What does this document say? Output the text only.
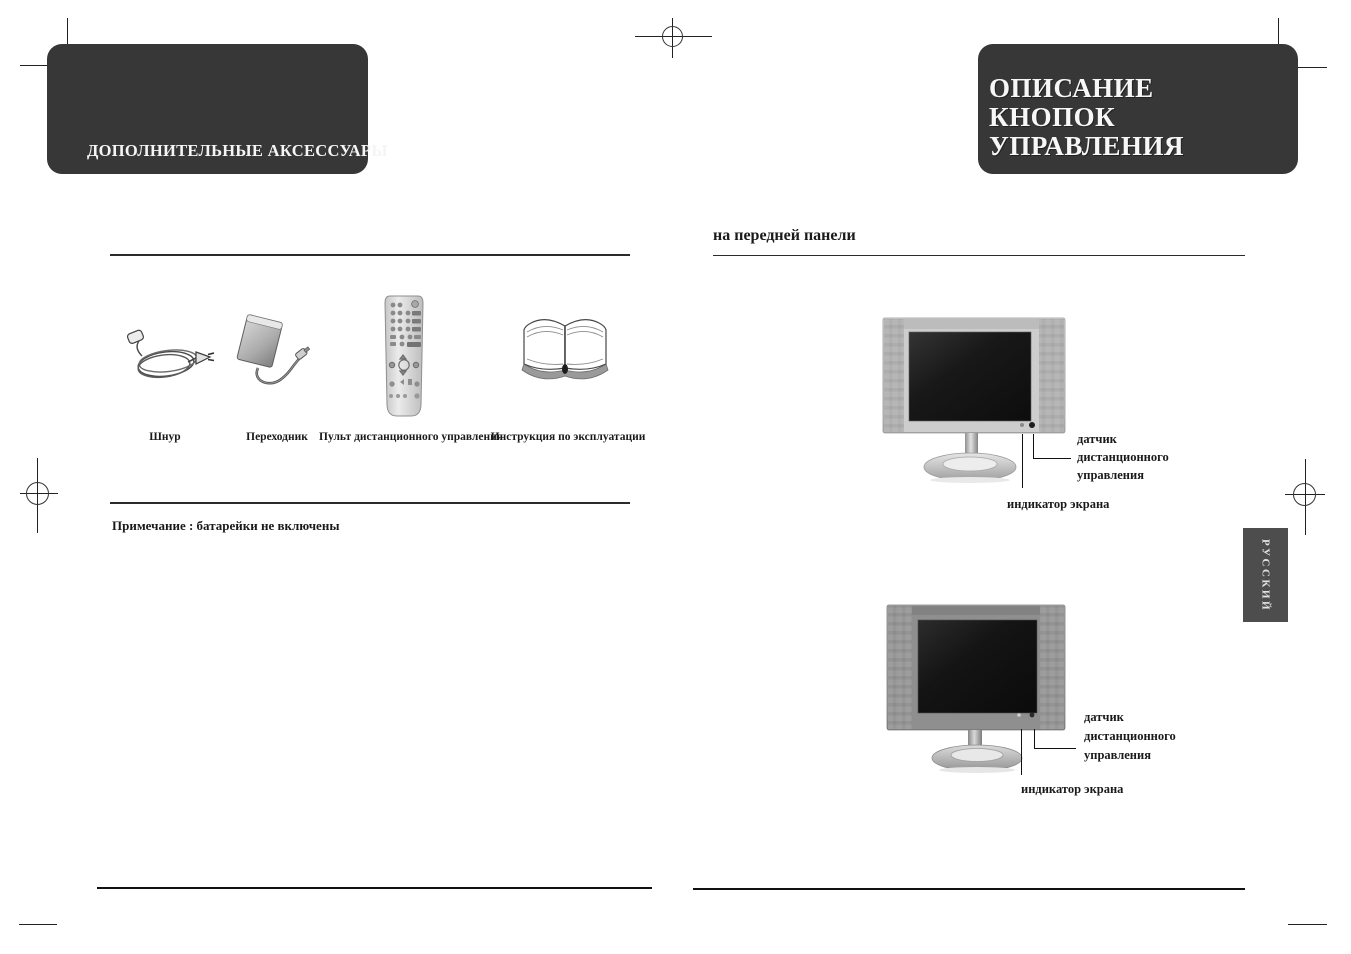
ДОПОЛНИТЕЛЬНЫЕ АКСЕССУАРЫ
Шнур	Переходник Пульт дистанционного управления
Инструкция по эксплуатации
Примечание : батарейки не включены
ОПИСАНИЕ
КНОПОК
УПРАВЛЕНИЯ
на передней панели
датчик
дистанционного
управления
индикатор экрана
датчик
дистанционного
управления
индикатор экрана
РУССКИЙ
